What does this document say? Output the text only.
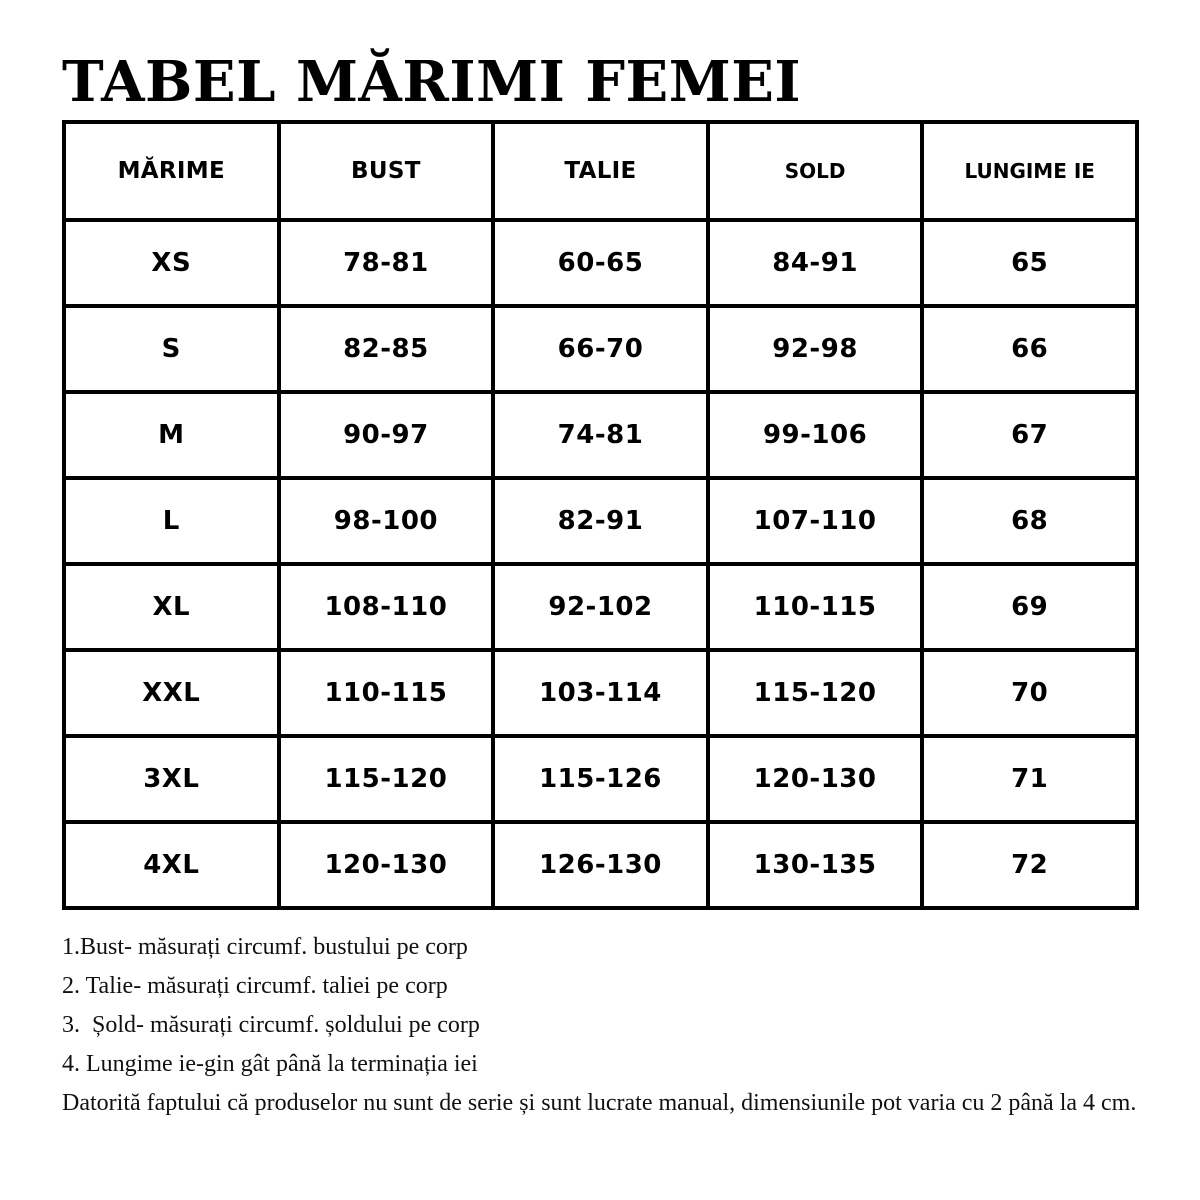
TABEL MĂRIMI FEMEI
MĂRIME	BUST	TALIE	SOLD	LUNGIME IE
XS	78-81	60-65	84-91	65
S	82-85	66-70	92-98	66
M	90-97	74-81	99-106	67
L	98-100	82-91	107-110	68
XL	108-110	92-102	110-115	69
XXL	110-115	103-114	115-120	70
3XL	115-120	115-126	120-130	71
4XL	120-130	126-130	130-135	72

1.Bust- măsurați circumf. bustului pe corp

2. Talie- măsurați circumf. taliei pe corp

3.  Șold- măsurați circumf. șoldului pe corp

4. Lungime ie-gin gât până la terminația iei

Datorită faptului că produselor nu sunt de serie și sunt lucrate manual, dimensiunile pot varia cu 2 până la 4 cm.
